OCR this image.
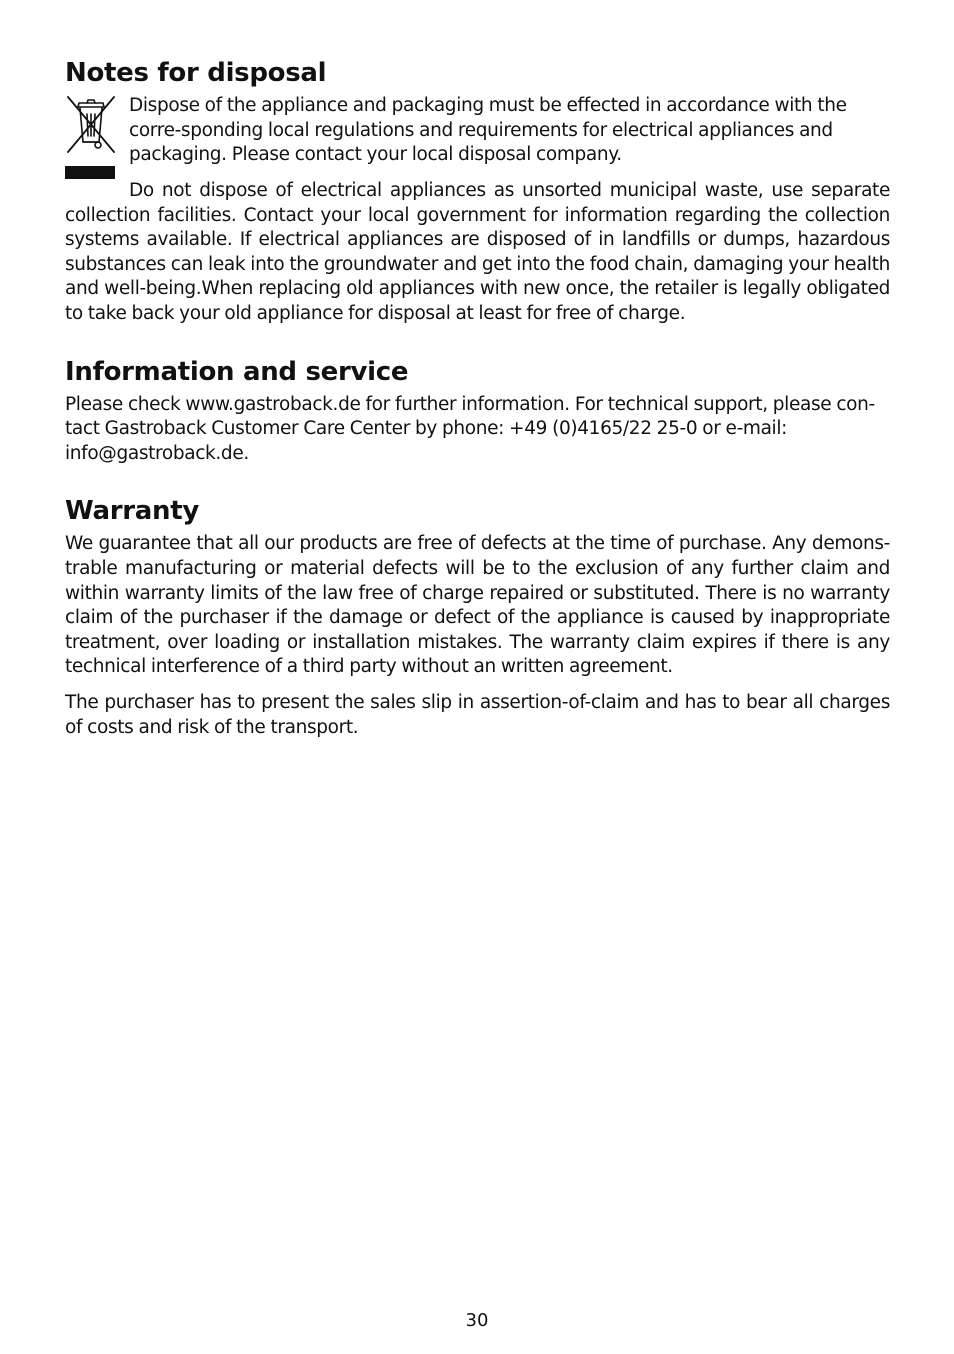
Notes for disposal

Dispose of the appliance and packaging must be effected in accordance with the corre-sponding local regulations and requirements for electrical appliances and packaging. Please contact your local disposal company.

Do not dispose of electrical appliances as unsorted municipal waste, use separate collection facilities. Contact your local government for information regarding the collection systems available. If electrical appliances are disposed of in landfills or dumps, hazardous substances can leak into the groundwater and get into the food chain, damaging your health and well-being.When replacing old appliances with new once, the retailer is legally obligated to take back your old appliance for disposal at least for free of charge.

Information and service

Please check www.gastroback.de for further information. For technical support, please con-tact Gastroback Customer Care Center by phone: +49 (0)4165/22 25-0 or e-mail: info@gastroback.de.

Warranty

We guarantee that all our products are free of defects at the time of purchase. Any demons-trable manufacturing or material defects will be to the exclusion of any further claim and within warranty limits of the law free of charge repaired or substituted. There is no warranty claim of the purchaser if the damage or defect of the appliance is caused by inappropriate treatment, over loading or installation mistakes. The warranty claim expires if there is any technical interference of a third party without an written agreement.

The purchaser has to present the sales slip in assertion-of-claim and has to bear all charges of costs and risk of the transport.

30
